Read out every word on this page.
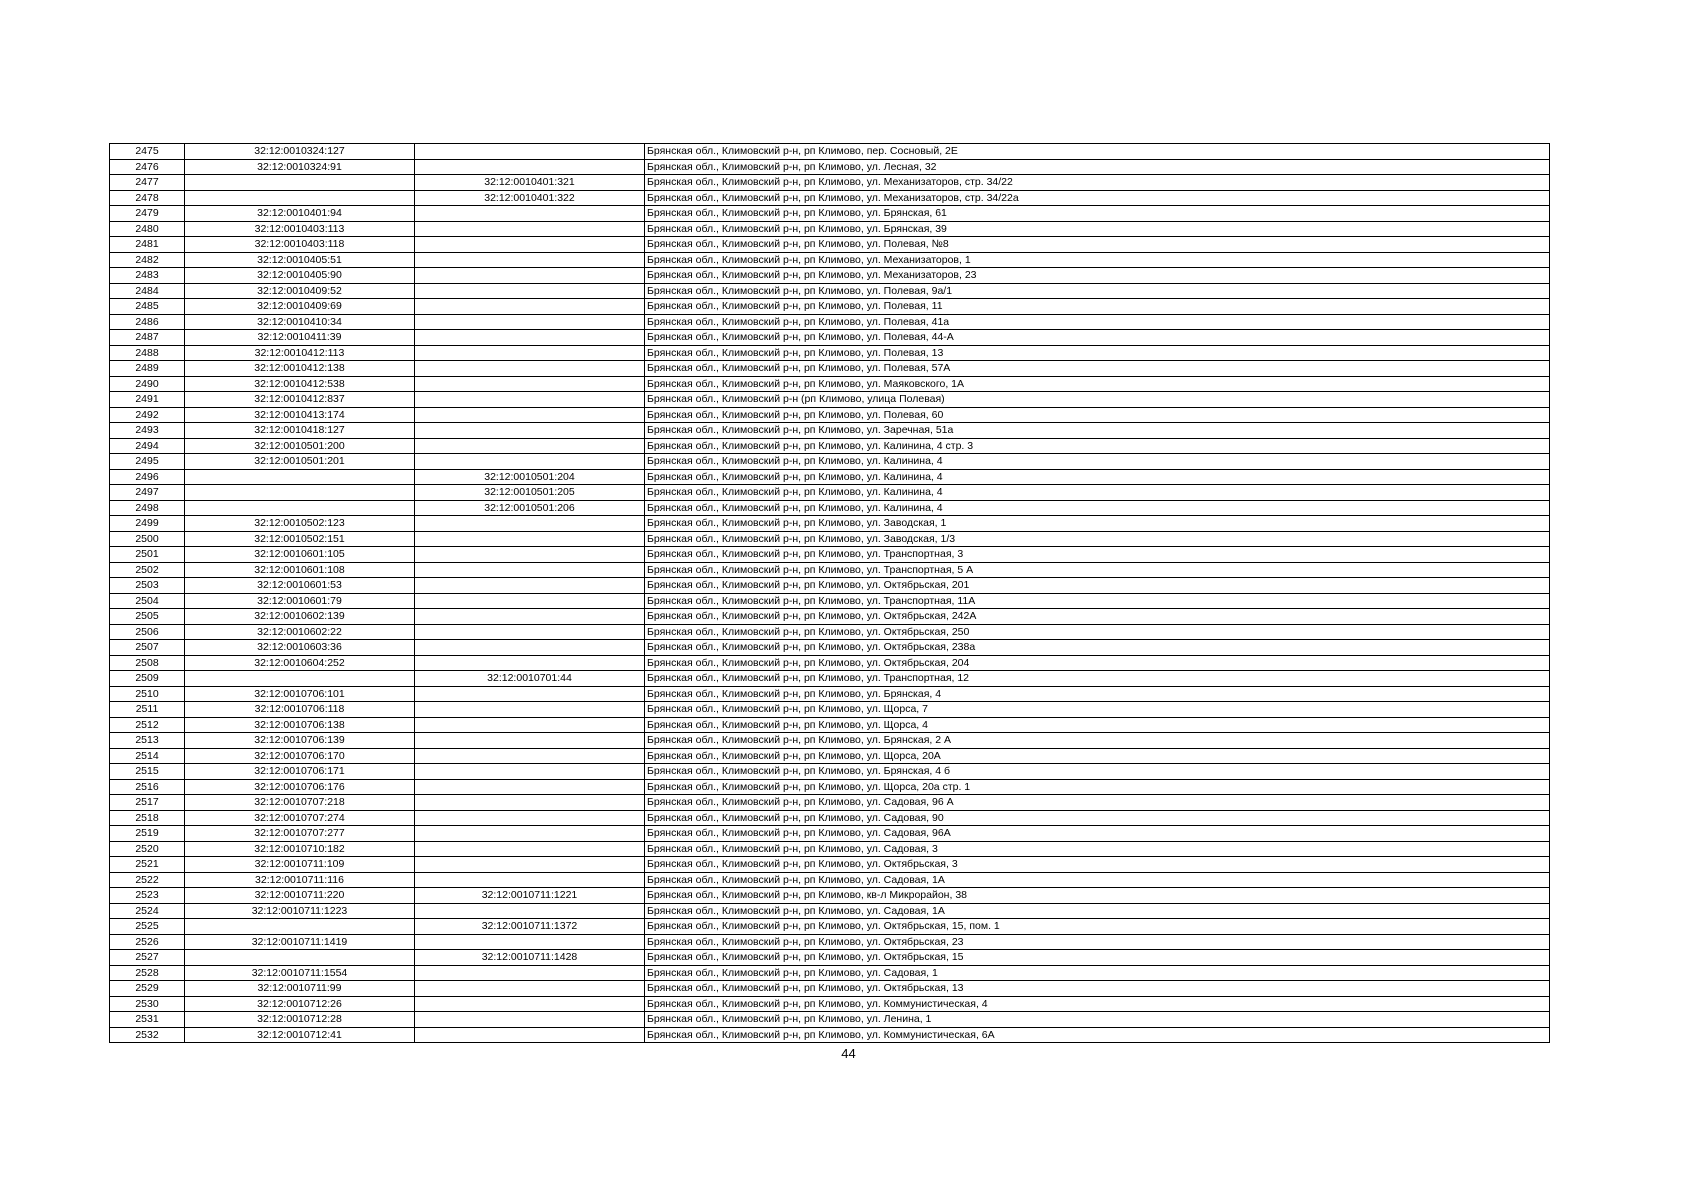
2475	32:12:0010324:127		Брянская обл., Климовский р-н, рп Климово, пер. Сосновый, 2Е
2476	32:12:0010324:91		Брянская обл., Климовский р-н, рп Климово, ул. Лесная, 32
2477		32:12:0010401:321	Брянская обл., Климовский р-н, рп Климово, ул. Механизаторов, стр. 34/22
2478		32:12:0010401:322	Брянская обл., Климовский р-н, рп Климово, ул. Механизаторов, стр. 34/22а
2479	32:12:0010401:94		Брянская обл., Климовский р-н, рп Климово, ул. Брянская, 61
2480	32:12:0010403:113		Брянская обл., Климовский р-н, рп Климово, ул. Брянская, 39
2481	32:12:0010403:118		Брянская обл., Климовский р-н, рп Климово, ул. Полевая, №8
2482	32:12:0010405:51		Брянская обл., Климовский р-н, рп Климово, ул. Механизаторов, 1
2483	32:12:0010405:90		Брянская обл., Климовский р-н, рп Климово, ул. Механизаторов, 23
2484	32:12:0010409:52		Брянская обл., Климовский р-н, рп Климово, ул. Полевая, 9а/1
2485	32:12:0010409:69		Брянская обл., Климовский р-н, рп Климово, ул. Полевая, 11
2486	32:12:0010410:34		Брянская обл., Климовский р-н, рп Климово, ул. Полевая, 41а
2487	32:12:0010411:39		Брянская обл., Климовский р-н, рп Климово, ул. Полевая, 44-А
2488	32:12:0010412:113		Брянская обл., Климовский р-н, рп Климово, ул. Полевая, 13
2489	32:12:0010412:138		Брянская обл., Климовский р-н, рп Климово, ул. Полевая, 57А
2490	32:12:0010412:538		Брянская обл., Климовский р-н, рп Климово, ул. Маяковского, 1А
2491	32:12:0010412:837		Брянская обл., Климовский р-н (рп Климово, улица Полевая)
2492	32:12:0010413:174		Брянская обл., Климовский р-н, рп Климово, ул. Полевая, 60
2493	32:12:0010418:127		Брянская обл., Климовский р-н, рп Климово, ул. Заречная, 51а
2494	32:12:0010501:200		Брянская обл., Климовский р-н, рп Климово, ул. Калинина, 4 стр. 3
2495	32:12:0010501:201		Брянская обл., Климовский р-н, рп Климово, ул. Калинина, 4
2496		32:12:0010501:204	Брянская обл., Климовский р-н, рп Климово, ул. Калинина, 4
2497		32:12:0010501:205	Брянская обл., Климовский р-н, рп Климово, ул. Калинина, 4
2498		32:12:0010501:206	Брянская обл., Климовский р-н, рп Климово, ул. Калинина, 4
2499	32:12:0010502:123		Брянская обл., Климовский р-н, рп Климово, ул. Заводская, 1
2500	32:12:0010502:151		Брянская обл., Климовский р-н, рп Климово, ул. Заводская, 1/3
2501	32:12:0010601:105		Брянская обл., Климовский р-н, рп Климово, ул. Транспортная, 3
2502	32:12:0010601:108		Брянская обл., Климовский р-н, рп Климово, ул. Транспортная, 5 А
2503	32:12:0010601:53		Брянская обл., Климовский р-н, рп Климово, ул. Октябрьская, 201
2504	32:12:0010601:79		Брянская обл., Климовский р-н, рп Климово, ул. Транспортная, 11А
2505	32:12:0010602:139		Брянская обл., Климовский р-н, рп Климово, ул. Октябрьская, 242А
2506	32:12:0010602:22		Брянская обл., Климовский р-н, рп Климово, ул. Октябрьская, 250
2507	32:12:0010603:36		Брянская обл., Климовский р-н, рп Климово, ул. Октябрьская, 238а
2508	32:12:0010604:252		Брянская обл., Климовский р-н, рп Климово, ул. Октябрьская, 204
2509		32:12:0010701:44	Брянская обл., Климовский р-н, рп Климово, ул. Транспортная, 12
2510	32:12:0010706:101		Брянская обл., Климовский р-н, рп Климово, ул. Брянская, 4
2511	32:12:0010706:118		Брянская обл., Климовский р-н, рп Климово, ул. Щорса, 7
2512	32:12:0010706:138		Брянская обл., Климовский р-н, рп Климово, ул. Щорса, 4
2513	32:12:0010706:139		Брянская обл., Климовский р-н, рп Климово, ул. Брянская, 2 А
2514	32:12:0010706:170		Брянская обл., Климовский р-н, рп Климово, ул. Щорса, 20А
2515	32:12:0010706:171		Брянская обл., Климовский р-н, рп Климово, ул. Брянская, 4 б
2516	32:12:0010706:176		Брянская обл., Климовский р-н, рп Климово, ул. Щорса, 20а стр. 1
2517	32:12:0010707:218		Брянская обл., Климовский р-н, рп Климово, ул. Садовая, 96 А
2518	32:12:0010707:274		Брянская обл., Климовский р-н, рп Климово, ул. Садовая, 90
2519	32:12:0010707:277		Брянская обл., Климовский р-н, рп Климово, ул. Садовая, 96А
2520	32:12:0010710:182		Брянская обл., Климовский р-н, рп Климово, ул. Садовая, 3
2521	32:12:0010711:109		Брянская обл., Климовский р-н, рп Климово, ул. Октябрьская, 3
2522	32:12:0010711:116		Брянская обл., Климовский р-н, рп Климово, ул. Садовая, 1А
2523	32:12:0010711:220	32:12:0010711:1221	Брянская обл., Климовский р-н, рп Климово, кв-л Микрорайон, 38
2524	32:12:0010711:1223		Брянская обл., Климовский р-н, рп Климово, ул. Садовая, 1А
2525		32:12:0010711:1372	Брянская обл., Климовский р-н, рп Климово, ул. Октябрьская, 15, пом. 1
2526	32:12:0010711:1419		Брянская обл., Климовский р-н, рп Климово, ул. Октябрьская, 23
2527		32:12:0010711:1428	Брянская обл., Климовский р-н, рп Климово, ул. Октябрьская, 15
2528	32:12:0010711:1554		Брянская обл., Климовский р-н, рп Климово, ул. Садовая, 1
2529	32:12:0010711:99		Брянская обл., Климовский р-н, рп Климово, ул. Октябрьская, 13
2530	32:12:0010712:26		Брянская обл., Климовский р-н, рп Климово, ул. Коммунистическая, 4
2531	32:12:0010712:28		Брянская обл., Климовский р-н, рп Климово, ул. Ленина, 1
2532	32:12:0010712:41		Брянская обл., Климовский р-н, рп Климово, ул. Коммунистическая, 6А
44
